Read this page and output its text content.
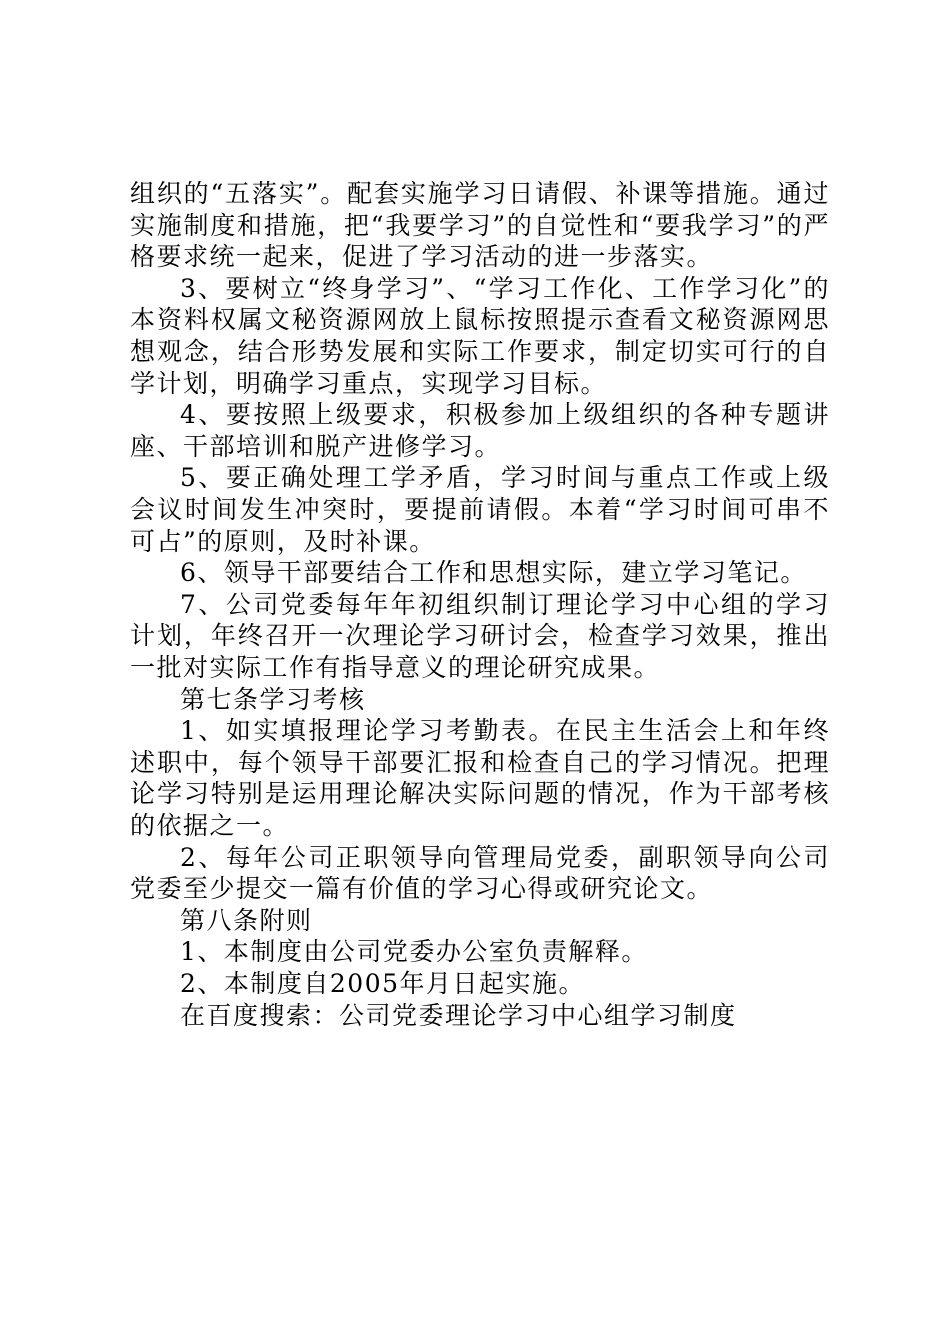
组织的“五落实”。配套实施学习日请假、补课等措施。通过实施制度和措施，把“我要学习”的自觉性和“要我学习”的严格要求统一起来，促进了学习活动的进一步落实。

3、要树立“终身学习”、“学习工作化、工作学习化”的本资料权属文秘资源网放上鼠标按照提示查看文秘资源网思想观念，结合形势发展和实际工作要求，制定切实可行的自学计划，明确学习重点，实现学习目标。

4、要按照上级要求，积极参加上级组织的各种专题讲座、干部培训和脱产进修学习。

5、要正确处理工学矛盾，学习时间与重点工作或上级会议时间发生冲突时，要提前请假。本着“学习时间可串不可占”的原则，及时补课。

6、领导干部要结合工作和思想实际，建立学习笔记。

7、公司党委每年年初组织制订理论学习中心组的学习计划，年终召开一次理论学习研讨会，检查学习效果，推出一批对实际工作有指导意义的理论研究成果。

第七条学习考核

1、如实填报理论学习考勤表。在民主生活会上和年终述职中，每个领导干部要汇报和检查自己的学习情况。把理论学习特别是运用理论解决实际问题的情况，作为干部考核的依据之一。

2、每年公司正职领导向管理局党委，副职领导向公司党委至少提交一篇有价值的学习心得或研究论文。

第八条附则

1、本制度由公司党委办公室负责解释。

2、本制度自2005年月日起实施。

在百度搜索：公司党委理论学习中心组学习制度
